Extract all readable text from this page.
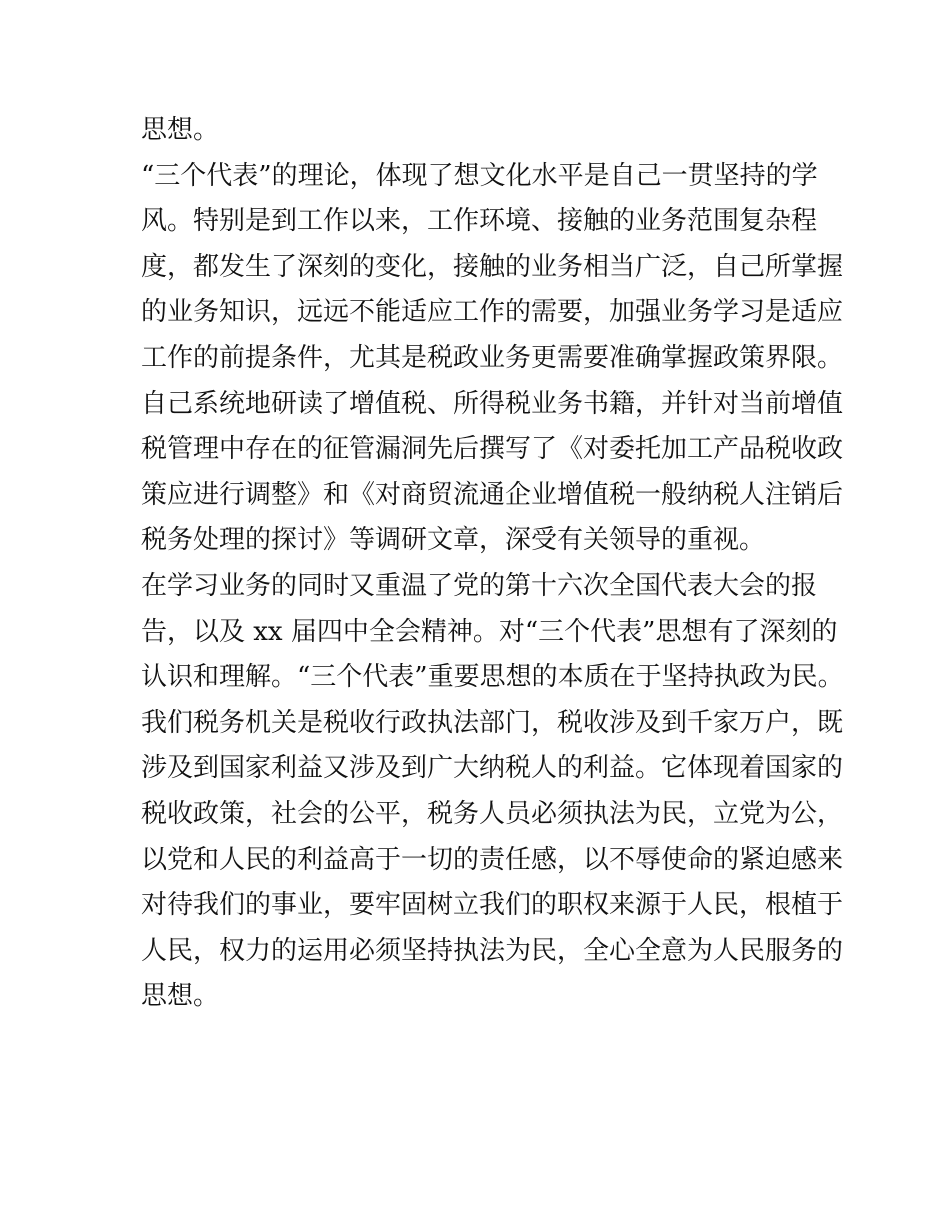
思想。
“三个代表”的理论，体现了想文化水平是自己一贯坚持的学
风。特别是到工作以来，工作环境、接触的业务范围复杂程
度，都发生了深刻的变化，接触的业务相当广泛，自己所掌握
的业务知识，远远不能适应工作的需要，加强业务学习是适应
工作的前提条件，尤其是税政业务更需要准确掌握政策界限。
自己系统地研读了增值税、所得税业务书籍，并针对当前增值
税管理中存在的征管漏洞先后撰写了《对委托加工产品税收政
策应进行调整》和《对商贸流通企业增值税一般纳税人注销后
税务处理的探讨》等调研文章，深受有关领导的重视。
在学习业务的同时又重温了党的第十六次全国代表大会的报
告，以及 xx 届四中全会精神。对“三个代表”思想有了深刻的
认识和理解。“三个代表”重要思想的本质在于坚持执政为民。
我们税务机关是税收行政执法部门，税收涉及到千家万户，既
涉及到国家利益又涉及到广大纳税人的利益。它体现着国家的
税收政策，社会的公平，税务人员必须执法为民，立党为公，
以党和人民的利益高于一切的责任感，以不辱使命的紧迫感来
对待我们的事业，要牢固树立我们的职权来源于人民，根植于
人民，权力的运用必须坚持执法为民，全心全意为人民服务的
思想。
